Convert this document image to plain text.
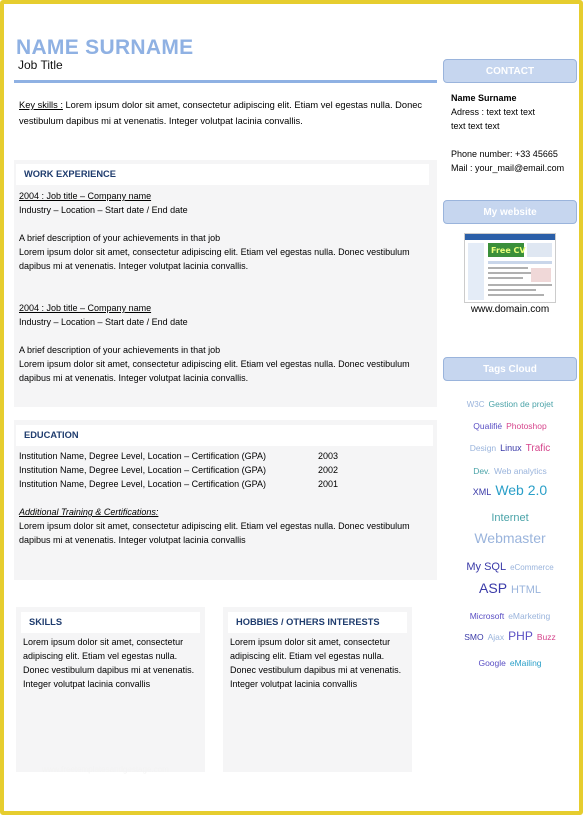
NAME SURNAME
Job Title
Key skills : Lorem ipsum dolor sit amet, consectetur adipiscing elit. Etiam vel egestas nulla. Donec vestibulum dapibus mi at venenatis. Integer volutpat lacinia convallis.
WORK EXPERIENCE
2004 : Job title – Company name
Industry – Location – Start date / End date
A brief description of your achievements in that job
Lorem ipsum dolor sit amet, consectetur adipiscing elit. Etiam vel egestas nulla. Donec vestibulum dapibus mi at venenatis. Integer volutpat lacinia convallis.
2004 : Job title – Company name
Industry – Location – Start date / End date
A brief description of your achievements in that job
Lorem ipsum dolor sit amet, consectetur adipiscing elit. Etiam vel egestas nulla. Donec vestibulum dapibus mi at venenatis. Integer volutpat lacinia convallis.
EDUCATION
Institution Name, Degree Level, Location – Certification (GPA)	2003
Institution Name, Degree Level, Location – Certification (GPA)	2002
Institution Name, Degree Level, Location – Certification (GPA)	2001
Additional Training & Certifications:
Lorem ipsum dolor sit amet, consectetur adipiscing elit. Etiam vel egestas nulla. Donec vestibulum dapibus mi at venenatis. Integer volutpat lacinia convallis
SKILLS
Lorem ipsum dolor sit amet, consectetur adipiscing elit. Etiam vel egestas nulla. Donec vestibulum dapibus mi at venenatis. Integer volutpat lacinia convallis
HOBBIES / OTHERS INTERESTS
Lorem ipsum dolor sit amet, consectetur adipiscing elit. Etiam vel egestas nulla. Donec vestibulum dapibus mi at venenatis. Integer volutpat lacinia convallis
www.freetemplatesandgestage.com
CONTACT
Name Surname
Adress : text text text
text text text
Phone number: +33 45665
Mail : your_mail@email.com
My website
Free CV
www.domain.com
Tags Cloud
W3C Gestion de projet
Qualifié Photoshop
Design Linux Trafic
Dev. Web analytics
XML Web 2.0
Internet
Webmaster
My SQL eCommerce
ASP HTML
Microsoft eMarketing
SMO Ajax PHP Buzz
Google eMailing
